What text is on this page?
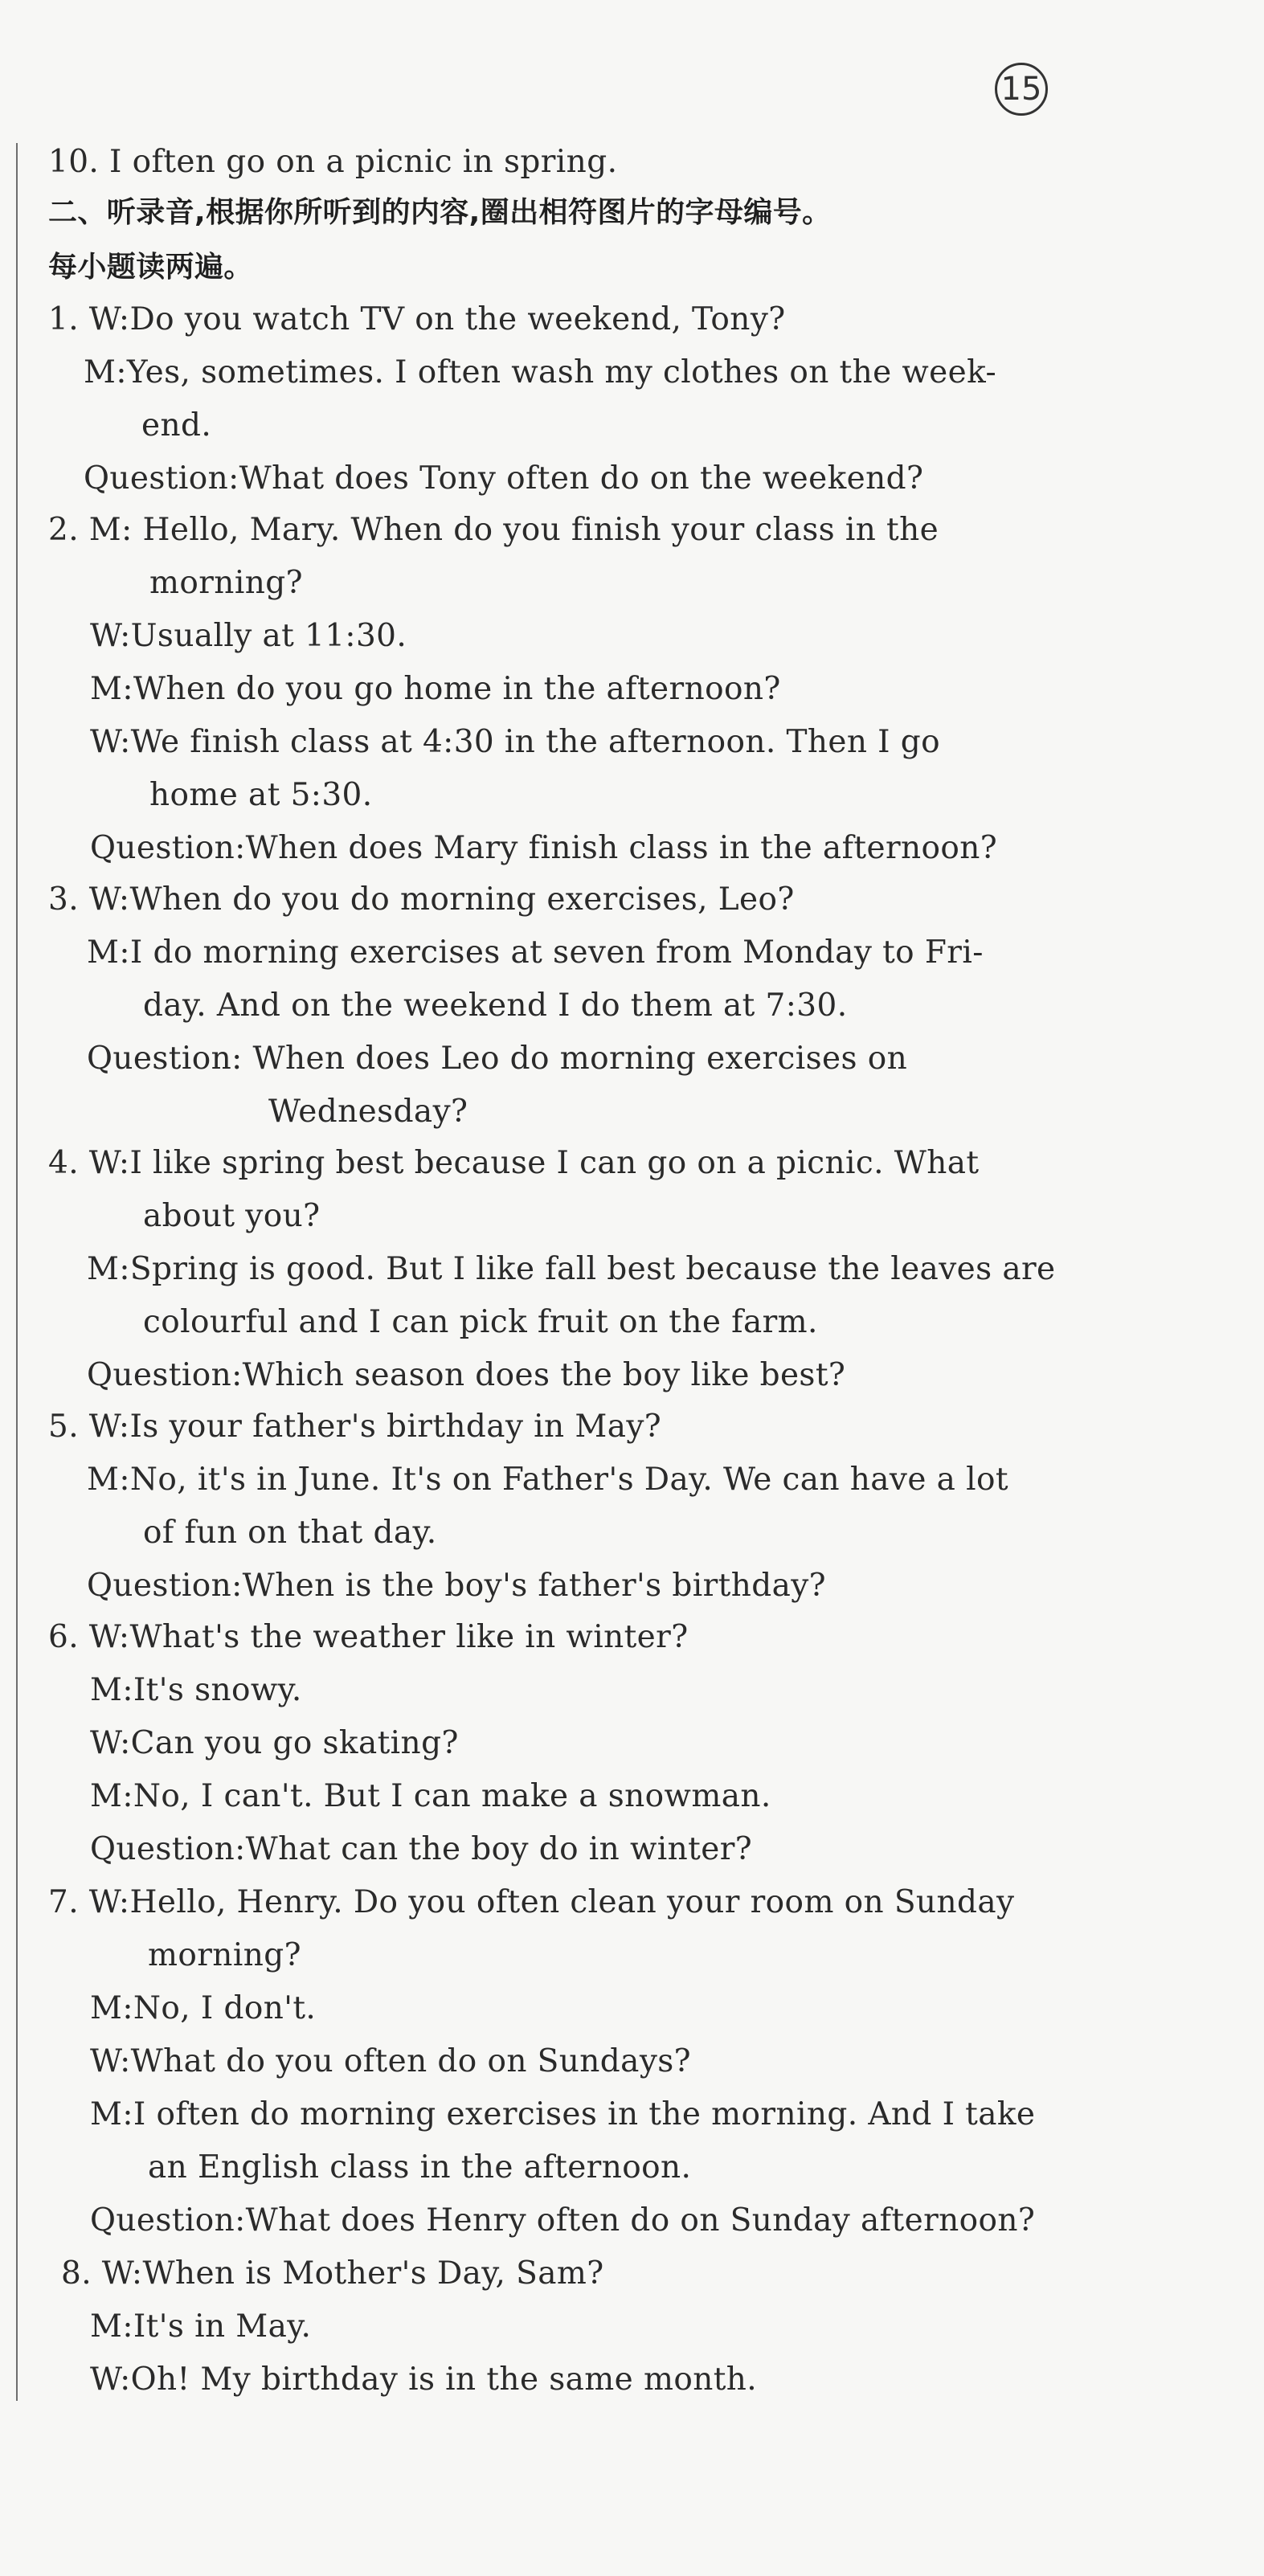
15
10. I often go on a picnic in spring.
二、听录音,根据你所听到的内容,圈出相符图片的字母编号。
每小题读两遍。
1. W:Do you watch TV on the weekend, Tony?
M:Yes, sometimes. I often wash my clothes on the week-
end.
Question:What does Tony often do on the weekend?
2. M: Hello, Mary. When do you finish your class in the
morning?
W:Usually at 11:30.
M:When do you go home in the afternoon?
W:We finish class at 4:30 in the afternoon. Then I go
home at 5:30.
Question:When does Mary finish class in the afternoon?
3. W:When do you do morning exercises, Leo?
M:I do morning exercises at seven from Monday to Fri-
day. And on the weekend I do them at 7:30.
Question: When does Leo do morning exercises on
Wednesday?
4. W:I like spring best because I can go on a picnic. What
about you?
M:Spring is good. But I like fall best because the leaves are
colourful and I can pick fruit on the farm.
Question:Which season does the boy like best?
5. W:Is your father's birthday in May?
M:No, it's in June. It's on Father's Day. We can have a lot
of fun on that day.
Question:When is the boy's father's birthday?
6. W:What's the weather like in winter?
M:It's snowy.
W:Can you go skating?
M:No, I can't. But I can make a snowman.
Question:What can the boy do in winter?
7. W:Hello, Henry. Do you often clean your room on Sunday
morning?
M:No, I don't.
W:What do you often do on Sundays?
M:I often do morning exercises in the morning. And I take
an English class in the afternoon.
Question:What does Henry often do on Sunday afternoon?
8. W:When is Mother's Day, Sam?
M:It's in May.
W:Oh! My birthday is in the same month.
